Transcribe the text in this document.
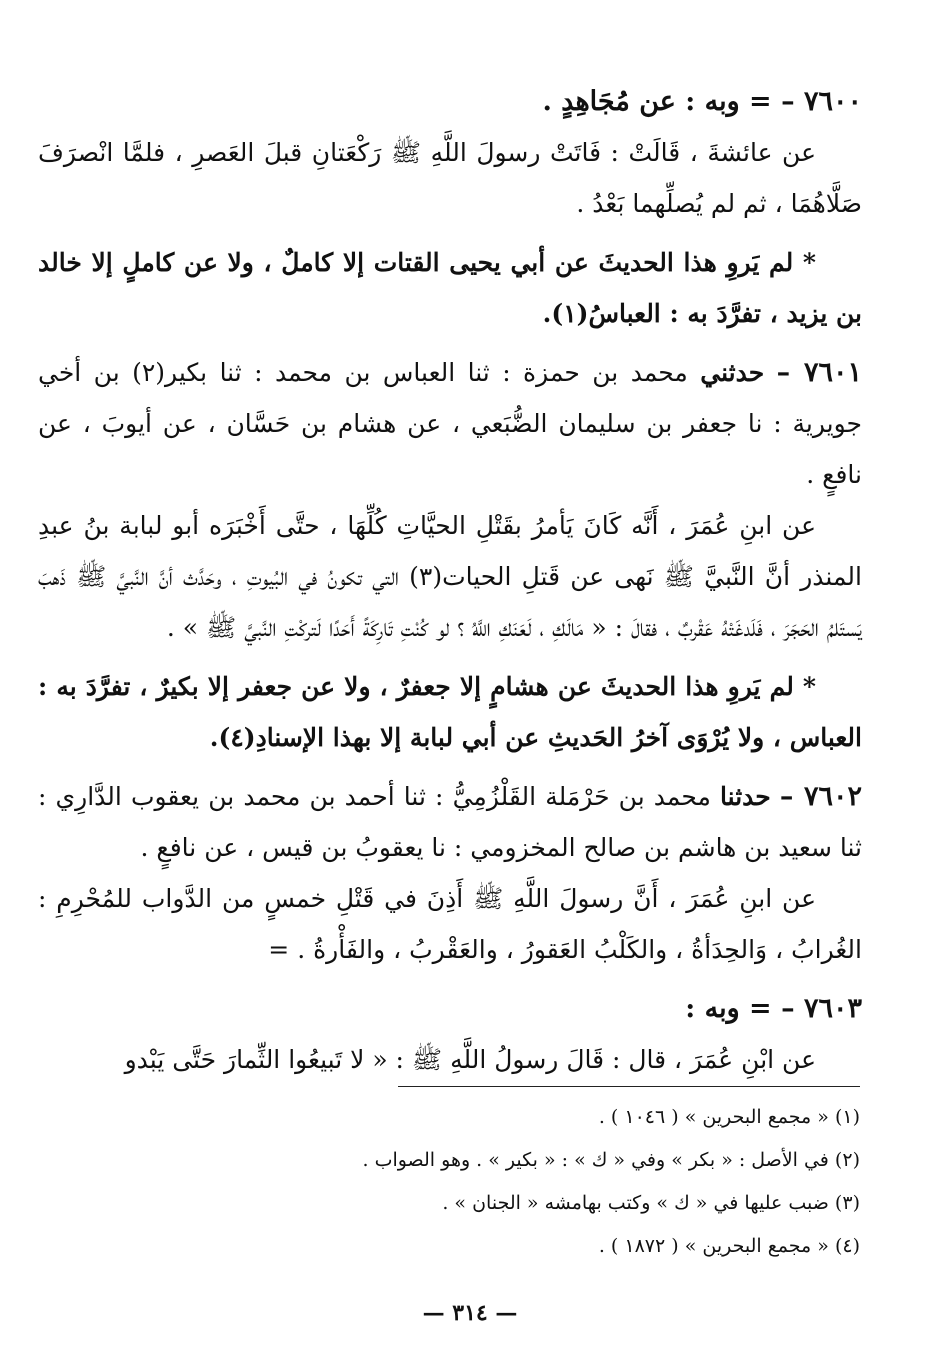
٧٦٠٠ – = وبه : عن مُجَاهِدٍ .

عن عائشةَ ، قَالَتْ : فَاتَتْ رسولَ اللَّهِ ﷺ رَكْعَتانِ قبلَ العَصرِ ، فلمَّا انْصرَفَ صَلَّاهُمَا ، ثم لم يُصلِّهما بَعْدُ .

* لم يَروِ هذا الحديثَ عن أبي يحيى القتات إلا كاملٌ ، ولا عن كاملٍ إلا خالد بن يزيد ، تفرَّدَ به : العباسُ(١).

٧٦٠١ – حدثني محمد بن حمزة : ثنا العباس بن محمد : ثنا بكير(٢) بن أخي جويرية : نا جعفر بن سليمان الضُّبَعي ، عن هشام بن حَسَّان ، عن أيوبَ ، عن نافعٍ .

عن ابنِ عُمَرَ ، أَنَّه كَانَ يَأمرُ بقَتْلِ الحيَّاتِ كُلِّهَا ، حتَّى أَخْبَرَه أبو لبابة بنُ عبدِ المنذر أنَّ النَّبيَّ ﷺ نَهى عن قَتلِ الحيات(٣) التي تكونُ في البُيوتِ ، وحَدَّث أنَّ النَّبيَّ ﷺ ذَهبَ يَستَلمُ الحَجَرَ ، فَلَدغَتْهُ عَقْربٌ ، فقالَ : « مَالَكِ ، لَعَنَكِ اللَّهُ ؟ لو كُنْتِ تَارِكَةً أَحَدًا لَتركْتِ النَّبيَّ ﷺ » .

* لم يَروِ هذا الحديثَ عن هشامٍ إلا جعفرٌ ، ولا عن جعفر إلا بكيرٌ ، تفرَّدَ به : العباس ، ولا يُرْوَى آخرُ الحَديثِ عن أبي لبابة إلا بهذا الإسنادِ(٤).

٧٦٠٢ – حدثنا محمد بن حَرْمَلة القَلْزُمِيُّ : ثنا أحمد بن محمد بن يعقوب الدَّارِي : ثنا سعيد بن هاشم بن صالح المخزومي : نا يعقوبُ بن قيس ، عن نافعٍ .

عن ابنِ عُمَرَ ، أَنَّ رسولَ اللَّهِ ﷺ أَذِنَ في قَتْلِ خمسٍ من الدَّواب للمُحْرِمِ : الغُرابُ ، وَالحِدَأةُ ، والكَلْبُ العَقورُ ، والعَقْربُ ، والفَأْرةُ . =

٧٦٠٣ – = وبه :

عن ابْنِ عُمَرَ ، قال : قَالَ رسولُ اللَّهِ ﷺ : « لا تَبيعُوا الثِّمارَ حَتَّى يَبْدو

(١) « مجمع البحرين » ( ١٠٤٦ ) .

(٢) في الأصل : « بكر » وفي « ك » : « بكير » . وهو الصواب .

(٣) ضبب عليها في « ك » وكتب بهامشه « الجنان » .

(٤) « مجمع البحرين » ( ١٨٧٢ ) .

— ٣١٤ —
